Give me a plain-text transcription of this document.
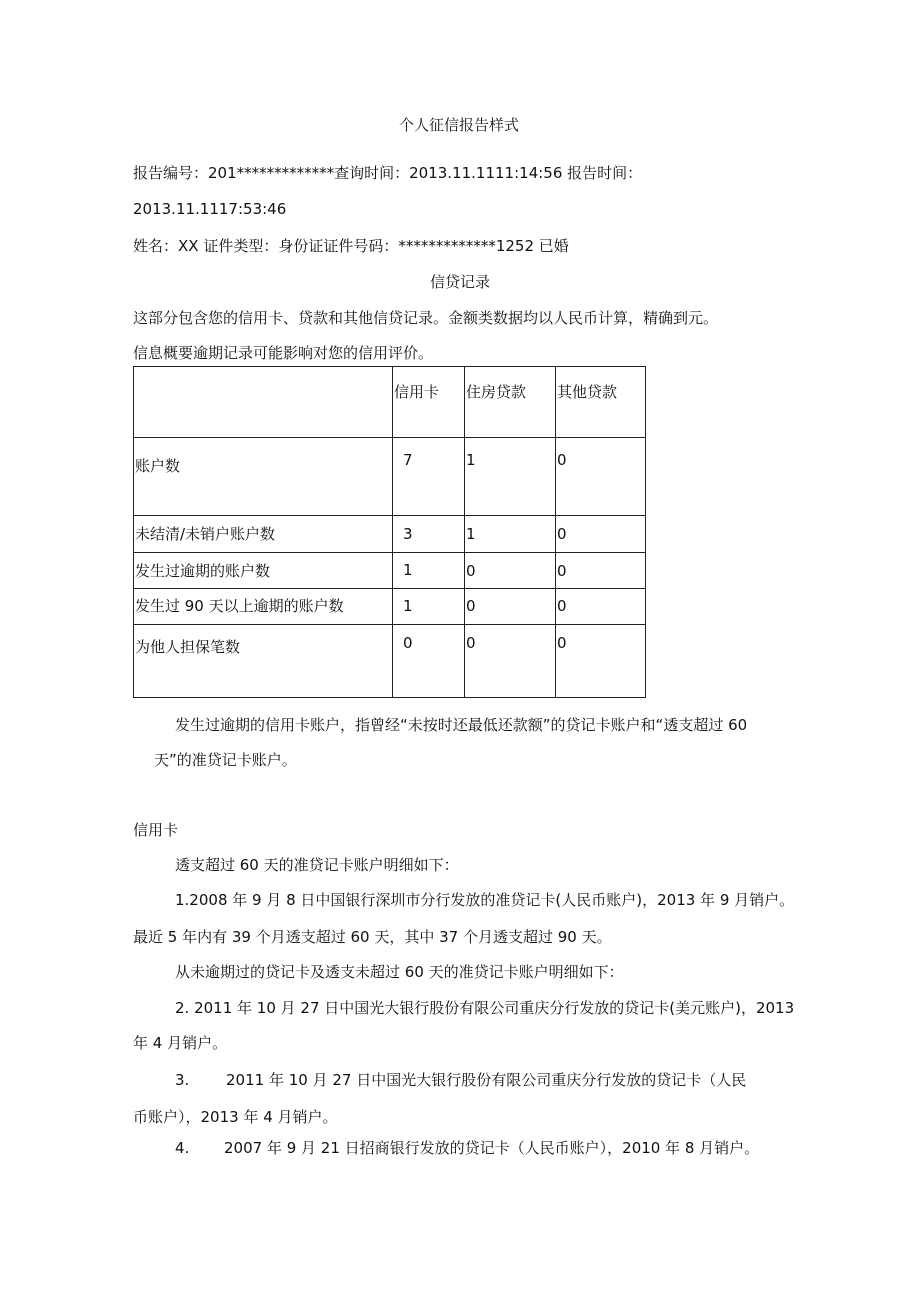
个人征信报告样式
报告编号：201*************查询时间：2013.11.1111:14:56 报告时间：
2013.11.1117:53:46
姓名：XX 证件类型：身份证证件号码：*************1252 已婚
信贷记录
这部分包含您的信用卡、贷款和其他信贷记录。金额类数据均以人民币计算，精确到元。
信息概要逾期记录可能影响对您的信用评价。

	信用卡	住房贷款	其他贷款

账户数	7	1	0

未结清/未销户账户数	3	1	0

发生过逾期的账户数	1	0	0

发生过 90 天以上逾期的账户数	1	0	0

为他人担保笔数	0	0	0
发生过逾期的信用卡账户，指曾经“未按时还最低还款额”的贷记卡账户和“透支超过 60
天”的准贷记卡账户。
信用卡
透支超过 60 天的准贷记卡账户明细如下：
1.2008 年 9 月 8 日中国银行深圳市分行发放的准贷记卡(人民币账户)，2013 年 9 月销户。
最近 5 年内有 39 个月透支超过 60 天，其中 37 个月透支超过 90 天。
从未逾期过的贷记卡及透支未超过 60 天的准贷记卡账户明细如下：
2. 2011 年 10 月 27 日中国光大银行股份有限公司重庆分行发放的贷记卡(美元账户)，2013
年 4 月销户。
3. 2011 年 10 月 27 日中国光大银行股份有限公司重庆分行发放的贷记卡（人民
币账户），2013 年 4 月销户。
4. 2007 年 9 月 21 日招商银行发放的贷记卡（人民币账户），2010 年 8 月销户。
